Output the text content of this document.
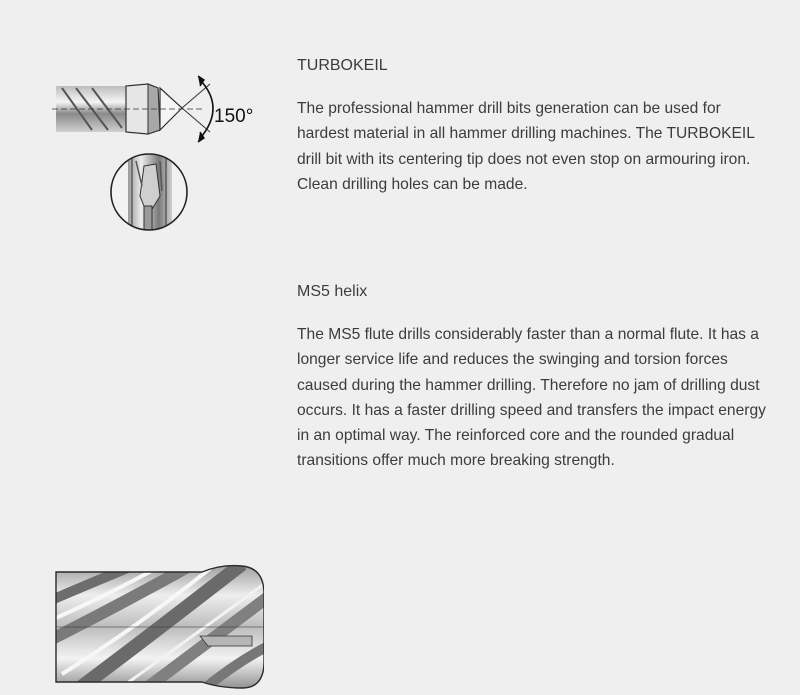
150°
TURBOKEIL

The professional hammer drill bits generation can be used for hardest material in all hammer drilling machines. The TURBOKEIL drill bit with its centering tip does not even stop on armouring iron. Clean drilling holes can be made.

MS5 helix

The MS5 flute drills considerably faster than a normal flute. It has a longer service life and reduces the swinging and torsion forces caused during the hammer drilling. Therefore no jam of drilling dust occurs. It has a faster drilling speed and transfers the impact energy in an optimal way. The reinforced core and the rounded gradual transitions offer much more breaking strength.
